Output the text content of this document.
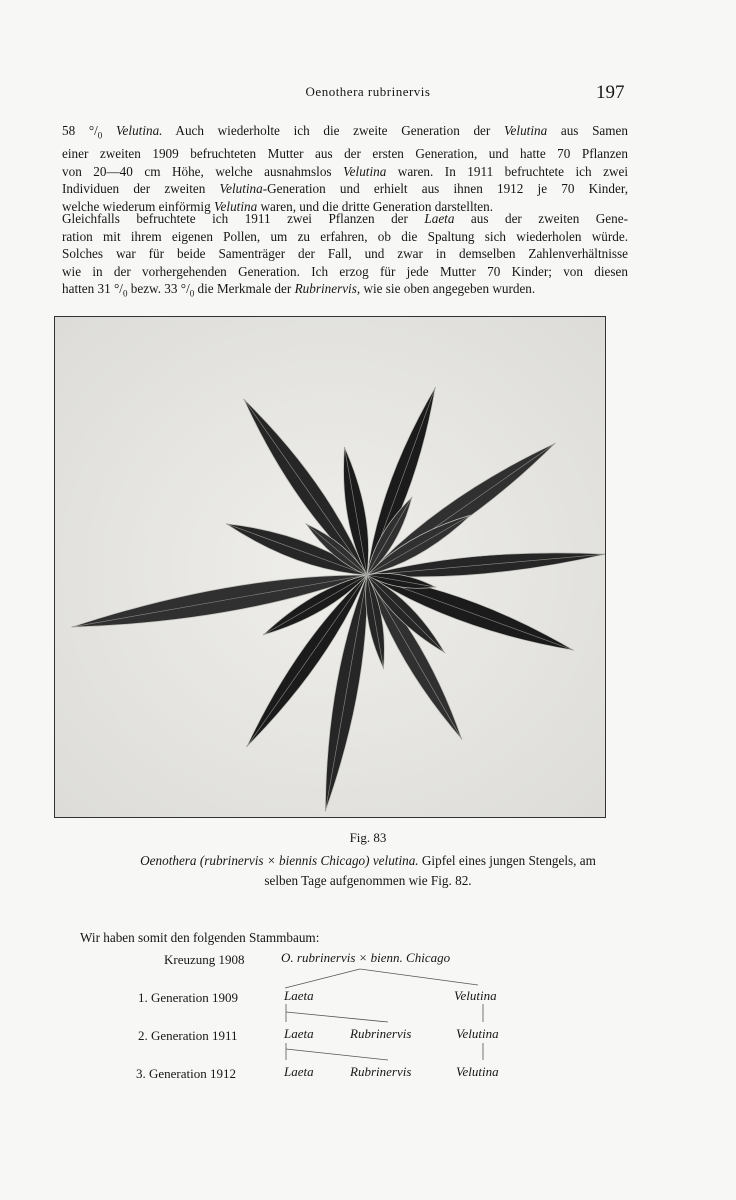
Oenothera rubrinervis	197
58 $^\circ/_0$ Velutina. Auch wiederholte ich die zweite Generation der Velutina aus Samen
einer zweiten 1909 befruchteten Mutter aus der ersten Generation, und hatte 70 Pflanzen
von 20—40 cm Höhe, welche ausnahmslos Velutina waren. In 1911 befruchtete ich zwei
Individuen der zweiten Velutina-Generation und erhielt aus ihnen 1912 je 70 Kinder,
welche wiederum einförmig Velutina waren, und die dritte Generation darstellten.
Gleichfalls befruchtete ich 1911 zwei Pflanzen der Laeta aus der zweiten Gene-
ration mit ihrem eigenen Pollen, um zu erfahren, ob die Spaltung sich wiederholen würde.
Solches war für beide Samenträger der Fall, und zwar in demselben Zahlenverhältnisse
wie in der vorhergehenden Generation. Ich erzog für jede Mutter 70 Kinder; von diesen
hatten 31 $^\circ/_0$ bezw. 33 $^\circ/_0$ die Merkmale der Rubrinervis, wie sie oben angegeben wurden.
Fig. 83
Oenothera (rubrinervis × biennis Chicago) velutina. Gipfel eines jungen Stengels, am
selben Tage aufgenommen wie Fig. 82.
Wir haben somit den folgenden Stammbaum:
Kreuzung 1908	O. rubrinervis × bienn. Chicago
1. Generation 1909	Laeta	Velutina
2. Generation 1911	Laeta	Rubrinervis	Velutina
3. Generation 1912	Laeta	Rubrinervis	Velutina
